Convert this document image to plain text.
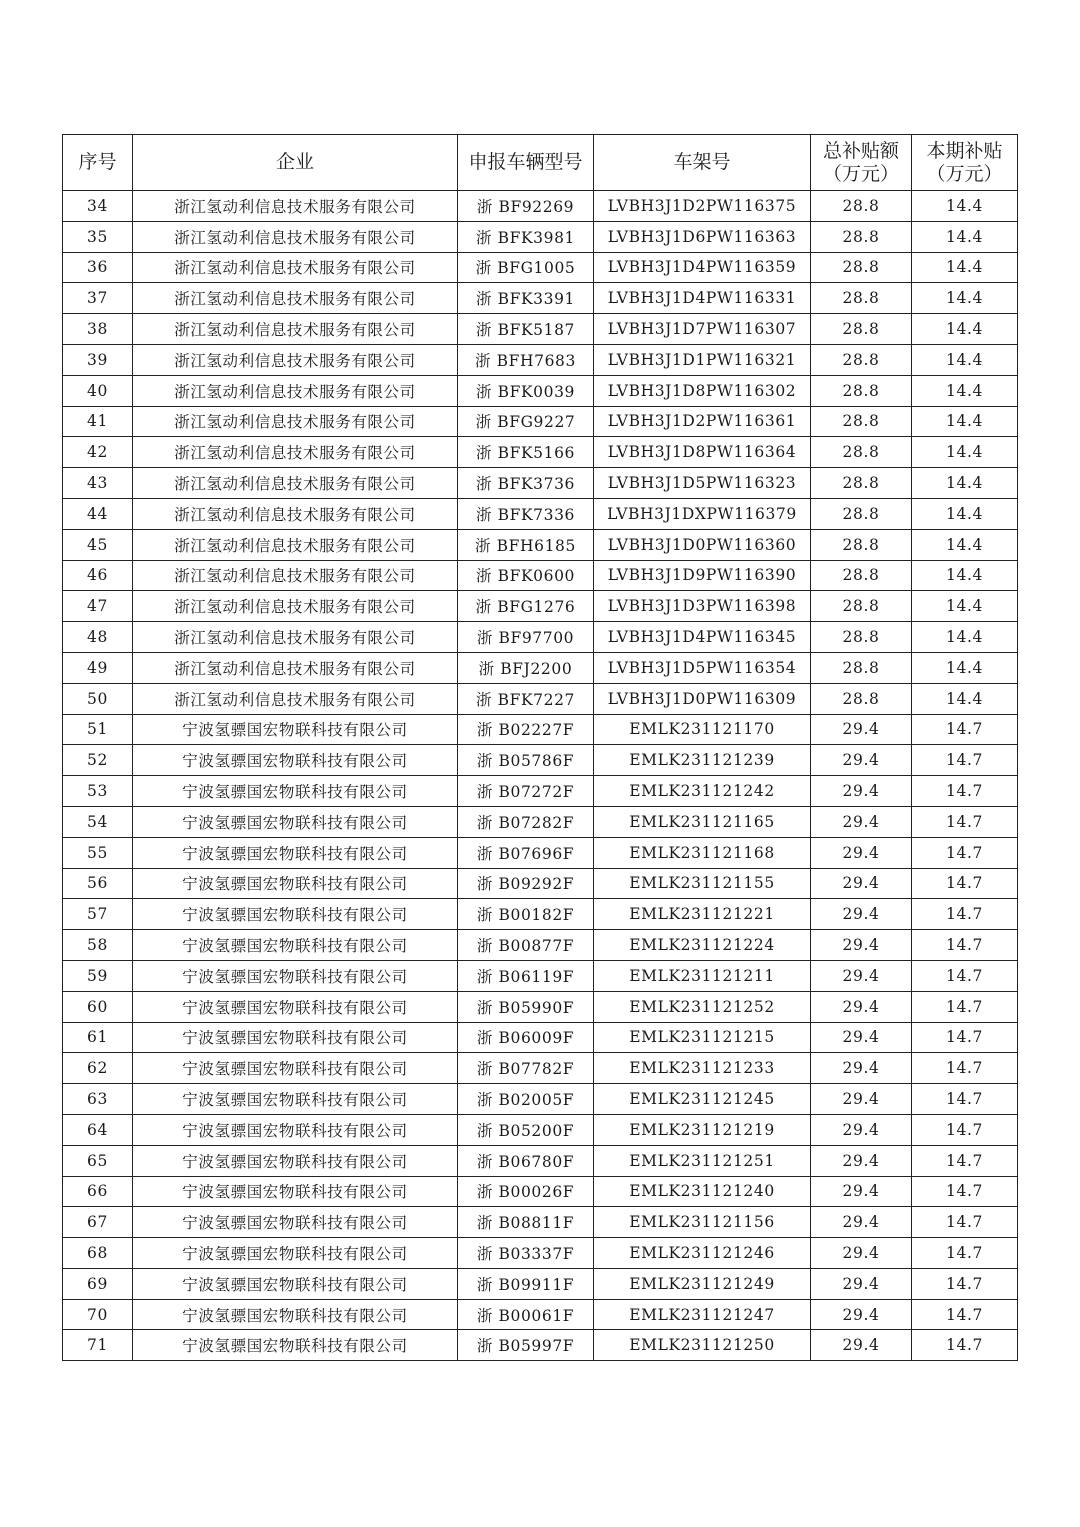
序号	企业	申报车辆型号	车架号	总补贴额（万元）	本期补贴（万元）
34	浙江氢动利信息技术服务有限公司	浙 BF92269	LVBH3J1D2PW116375	28.8	14.4
35	浙江氢动利信息技术服务有限公司	浙 BFK3981	LVBH3J1D6PW116363	28.8	14.4
36	浙江氢动利信息技术服务有限公司	浙 BFG1005	LVBH3J1D4PW116359	28.8	14.4
37	浙江氢动利信息技术服务有限公司	浙 BFK3391	LVBH3J1D4PW116331	28.8	14.4
38	浙江氢动利信息技术服务有限公司	浙 BFK5187	LVBH3J1D7PW116307	28.8	14.4
39	浙江氢动利信息技术服务有限公司	浙 BFH7683	LVBH3J1D1PW116321	28.8	14.4
40	浙江氢动利信息技术服务有限公司	浙 BFK0039	LVBH3J1D8PW116302	28.8	14.4
41	浙江氢动利信息技术服务有限公司	浙 BFG9227	LVBH3J1D2PW116361	28.8	14.4
42	浙江氢动利信息技术服务有限公司	浙 BFK5166	LVBH3J1D8PW116364	28.8	14.4
43	浙江氢动利信息技术服务有限公司	浙 BFK3736	LVBH3J1D5PW116323	28.8	14.4
44	浙江氢动利信息技术服务有限公司	浙 BFK7336	LVBH3J1DXPW116379	28.8	14.4
45	浙江氢动利信息技术服务有限公司	浙 BFH6185	LVBH3J1D0PW116360	28.8	14.4
46	浙江氢动利信息技术服务有限公司	浙 BFK0600	LVBH3J1D9PW116390	28.8	14.4
47	浙江氢动利信息技术服务有限公司	浙 BFG1276	LVBH3J1D3PW116398	28.8	14.4
48	浙江氢动利信息技术服务有限公司	浙 BF97700	LVBH3J1D4PW116345	28.8	14.4
49	浙江氢动利信息技术服务有限公司	浙 BFJ2200	LVBH3J1D5PW116354	28.8	14.4
50	浙江氢动利信息技术服务有限公司	浙 BFK7227	LVBH3J1D0PW116309	28.8	14.4
51	宁波氢骠国宏物联科技有限公司	浙 B02227F	EMLK231121170	29.4	14.7
52	宁波氢骠国宏物联科技有限公司	浙 B05786F	EMLK231121239	29.4	14.7
53	宁波氢骠国宏物联科技有限公司	浙 B07272F	EMLK231121242	29.4	14.7
54	宁波氢骠国宏物联科技有限公司	浙 B07282F	EMLK231121165	29.4	14.7
55	宁波氢骠国宏物联科技有限公司	浙 B07696F	EMLK231121168	29.4	14.7
56	宁波氢骠国宏物联科技有限公司	浙 B09292F	EMLK231121155	29.4	14.7
57	宁波氢骠国宏物联科技有限公司	浙 B00182F	EMLK231121221	29.4	14.7
58	宁波氢骠国宏物联科技有限公司	浙 B00877F	EMLK231121224	29.4	14.7
59	宁波氢骠国宏物联科技有限公司	浙 B06119F	EMLK231121211	29.4	14.7
60	宁波氢骠国宏物联科技有限公司	浙 B05990F	EMLK231121252	29.4	14.7
61	宁波氢骠国宏物联科技有限公司	浙 B06009F	EMLK231121215	29.4	14.7
62	宁波氢骠国宏物联科技有限公司	浙 B07782F	EMLK231121233	29.4	14.7
63	宁波氢骠国宏物联科技有限公司	浙 B02005F	EMLK231121245	29.4	14.7
64	宁波氢骠国宏物联科技有限公司	浙 B05200F	EMLK231121219	29.4	14.7
65	宁波氢骠国宏物联科技有限公司	浙 B06780F	EMLK231121251	29.4	14.7
66	宁波氢骠国宏物联科技有限公司	浙 B00026F	EMLK231121240	29.4	14.7
67	宁波氢骠国宏物联科技有限公司	浙 B08811F	EMLK231121156	29.4	14.7
68	宁波氢骠国宏物联科技有限公司	浙 B03337F	EMLK231121246	29.4	14.7
69	宁波氢骠国宏物联科技有限公司	浙 B09911F	EMLK231121249	29.4	14.7
70	宁波氢骠国宏物联科技有限公司	浙 B00061F	EMLK231121247	29.4	14.7
71	宁波氢骠国宏物联科技有限公司	浙 B05997F	EMLK231121250	29.4	14.7
